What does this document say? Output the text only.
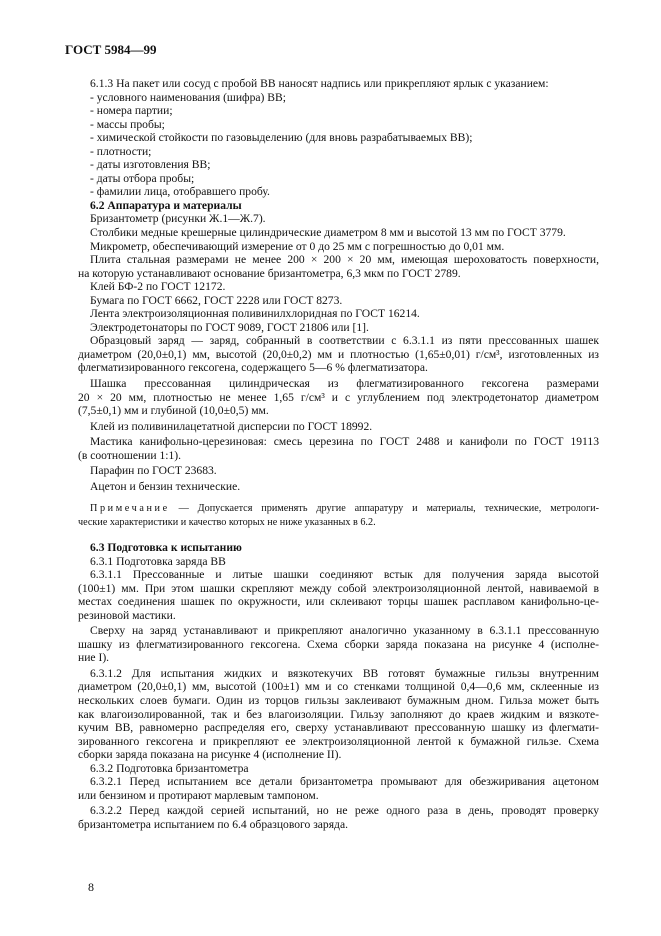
ГОСТ 5984—99
6.1.3 На пакет или сосуд с пробой ВВ наносят надпись или прикрепляют ярлык с указанием:
- условного наименования (шифра) ВВ;
- номера партии;
- массы пробы;
- химической стойкости по газовыделению (для вновь разрабатываемых ВВ);
- плотности;
- даты изготовления ВВ;
- даты отбора пробы;
- фамилии лица, отобравшего пробу.
6.2 Аппаратура и материалы
Бризантометр (рисунки Ж.1—Ж.7).
Столбики медные крешерные цилиндрические диаметром 8 мм и высотой 13 мм по ГОСТ 3779.
Микрометр, обеспечивающий измерение от 0 до 25 мм с погрешностью до 0,01 мм.
Плита стальная размерами не менее 200 × 200 × 20 мм, имеющая шероховатость поверхности,
на которую устанавливают основание бризантометра, 6,3 мкм по ГОСТ 2789.
Клей БФ-2 по ГОСТ 12172.
Бумага по ГОСТ 6662, ГОСТ 2228 или ГОСТ 8273.
Лента электроизоляционная поливинилхлоридная по ГОСТ 16214.
Электродетонаторы по ГОСТ 9089, ГОСТ 21806 или [1].
Образцовый заряд — заряд, собранный в соответствии с 6.3.1.1 из пяти прессованных шашек
диаметром (20,0±0,1) мм, высотой (20,0±0,2) мм и плотностью (1,65±0,01) г/см³, изготовленных из
флегматизированного гексогена, содержащего 5—6 % флегматизатора.
Шашка прессованная цилиндрическая из флегматизированного гексогена размерами
20 × 20 мм, плотностью не менее 1,65 г/см³ и с углублением под электродетонатор диаметром
(7,5±0,1) мм и глубиной (10,0±0,5) мм.
Клей из поливинилацетатной дисперсии по ГОСТ 18992.
Мастика канифольно-церезиновая: смесь церезина по ГОСТ 2488 и канифоли по ГОСТ 19113
(в соотношении 1:1).
Парафин по ГОСТ 23683.
Ацетон и бензин технические.
Примечание — Допускается применять другие аппаратуру и материалы, технические, метрологи-
ческие характеристики и качество которых не ниже указанных в 6.2.
6.3 Подготовка к испытанию
6.3.1 Подготовка заряда ВВ
6.3.1.1 Прессованные и литые шашки соединяют встык для получения заряда высотой
(100±1) мм. При этом шашки скрепляют между собой электроизоляционной лентой, навиваемой в
местах соединения шашек по окружности, или склеивают торцы шашек расплавом канифольно-це-
резиновой мастики.
Сверху на заряд устанавливают и прикрепляют аналогично указанному в 6.3.1.1 прессованную
шашку из флегматизированного гексогена. Схема сборки заряда показана на рисунке 4 (исполне-
ние I).
6.3.1.2 Для испытания жидких и вязкотекучих ВВ готовят бумажные гильзы внутренним
диаметром (20,0±0,1) мм, высотой (100±1) мм и со стенками толщиной 0,4—0,6 мм, склеенные из
нескольких слоев бумаги. Один из торцов гильзы заклеивают бумажным дном. Гильза может быть
как влагоизолированной, так и без влагоизоляции. Гильзу заполняют до краев жидким и вязкоте-
кучим ВВ, равномерно распределяя его, сверху устанавливают прессованную шашку из флегмати-
зированного гексогена и прикрепляют ее электроизоляционной лентой к бумажной гильзе. Схема
сборки заряда показана на рисунке 4 (исполнение II).
6.3.2 Подготовка бризантометра
6.3.2.1 Перед испытанием все детали бризантометра промывают для обезжиривания ацетоном
или бензином и протирают марлевым тампоном.
6.3.2.2 Перед каждой серией испытаний, но не реже одного раза в день, проводят проверку
бризантометра испытанием по 6.4 образцового заряда.
8
